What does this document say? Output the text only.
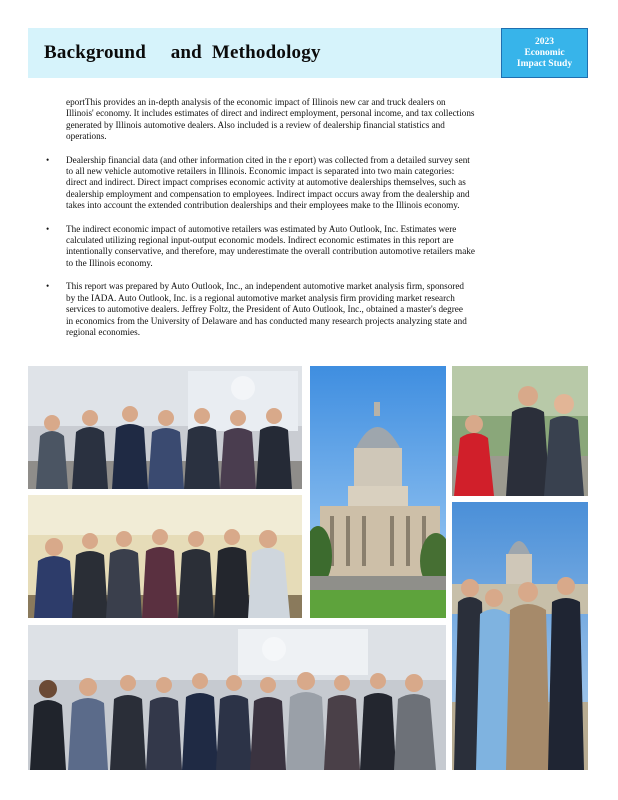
Background     and  Methodology
2023
Economic
Impact Study
eportThis provides an in-depth analysis of the economic impact of Illinois new car and truck dealers on
Illinois' economy. It includes estimates of direct and indirect employment, personal income, and tax collections
generated by Illinois automotive dealers. Also included is a review of dealership financial statistics and
operations.
• Dealership financial data (and other information cited in the r eport) was collected from a detailed survey sent
to all new vehicle automotive retailers in Illinois. Economic impact is separated into two main categories:
direct and indirect. Direct impact comprises economic activity at automotive dealerships themselves, such as
dealership employment and compensation to employees. Indirect impact occurs away from the dealership and
takes into account the extended contribution dealerships and their employees make to the Illinois economy.
• The indirect economic impact of automotive retailers was estimated by Auto Outlook, Inc. Estimates were
calculated utilizing regional input-output economic models. Indirect economic estimates in this report are
intentionally conservative, and therefore, may underestimate the overall contribution automotive retailers make
to the Illinois economy.
• This report was prepared by Auto Outlook, Inc., an independent automotive market analysis firm, sponsored
by the IADA. Auto Outlook, Inc. is a regional automotive market analysis firm providing market research
services to automotive dealers. Jeffrey Foltz, the President of Auto Outlook, Inc., obtained a master's degree
in economics from the University of Delaware and has conducted many research projects analyzing state and
regional economies.
